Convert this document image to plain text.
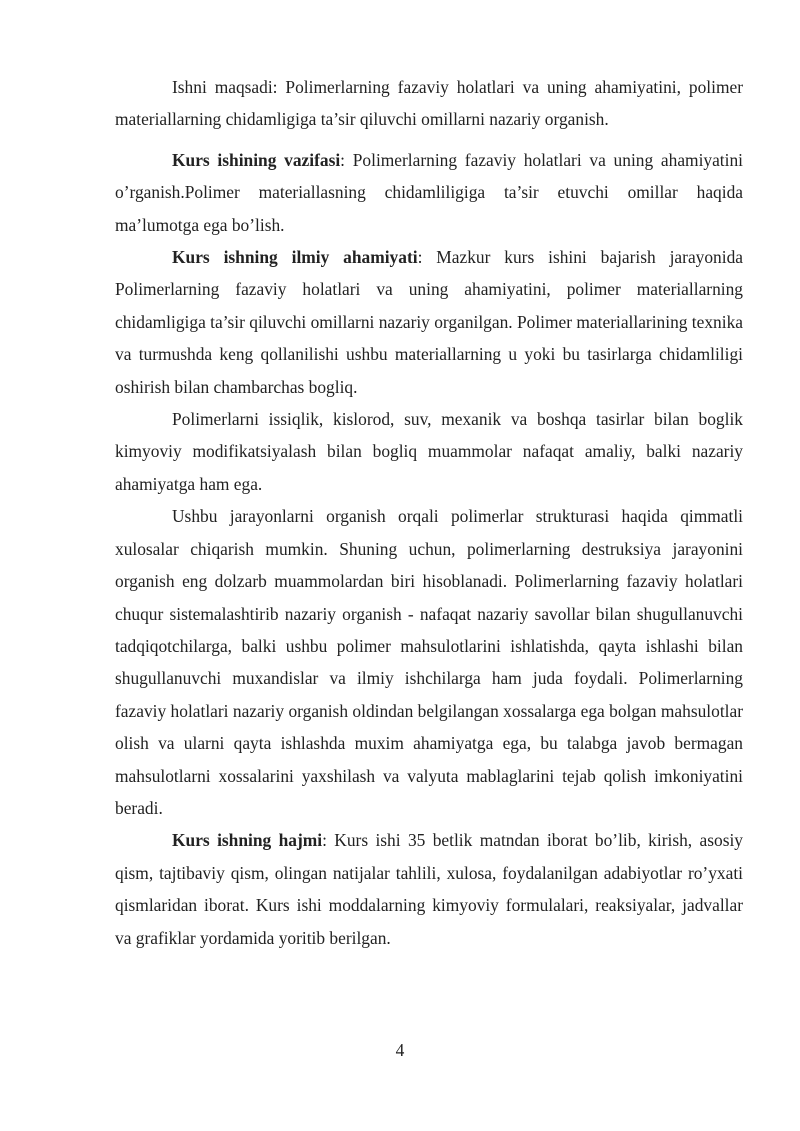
Ishni maqsadi: Polimerlarning fazaviy holatlari va uning ahamiyatini, polimer materiallarning chidamligiga ta’sir qiluvchi omillarni nazariy organish.

Kurs ishining vazifasi: Polimerlarning fazaviy holatlari va uning ahamiyatini o’rganish.Polimer materiallasning chidamliligiga ta’sir etuvchi omillar haqida ma’lumotga ega bo’lish.

Kurs ishning ilmiy ahamiyati: Mazkur kurs ishini bajarish jarayonida Polimerlarning fazaviy holatlari va uning ahamiyatini, polimer materiallarning chidamligiga ta’sir qiluvchi omillarni nazariy organilgan. Polimer materiallarining texnika va turmushda keng qollanilishi ushbu materiallarning u yoki bu tasirlarga chidamliligi oshirish bilan chambarchas bogliq.

Polimerlarni issiqlik, kislorod, suv, mexanik va boshqa tasirlar bilan boglik kimyoviy modifikatsiyalash bilan bogliq muammolar nafaqat amaliy, balki nazariy ahamiyatga ham ega.

Ushbu jarayonlarni organish orqali polimerlar strukturasi haqida qimmatli xulosalar chiqarish mumkin. Shuning uchun, polimerlarning destruksiya jarayonini organish eng dolzarb muammolardan biri hisoblanadi. Polimerlarning fazaviy holatlari chuqur sistemalashtirib nazariy organish - nafaqat nazariy savollar bilan shugullanuvchi tadqiqotchilarga, balki ushbu polimer mahsulotlarini ishlatishda, qayta ishlashi bilan shugullanuvchi muxandislar va ilmiy ishchilarga ham juda foydali. Polimerlarning fazaviy holatlari nazariy organish oldindan belgilangan xossalarga ega bolgan mahsulotlar olish va ularni qayta ishlashda muxim ahamiyatga ega, bu talabga javob bermagan mahsulotlarni xossalarini yaxshilash va valyuta mablaglarini tejab qolish imkoniyatini beradi.

Kurs ishning hajmi: Kurs ishi 35 betlik matndan iborat bo’lib, kirish, asosiy qism, tajtibaviy qism, olingan natijalar tahlili, xulosa, foydalanilgan adabiyotlar ro’yxati qismlaridan iborat. Kurs ishi moddalarning kimyoviy formulalari, reaksiyalar, jadvallar va grafiklar yordamida yoritib berilgan.

4
